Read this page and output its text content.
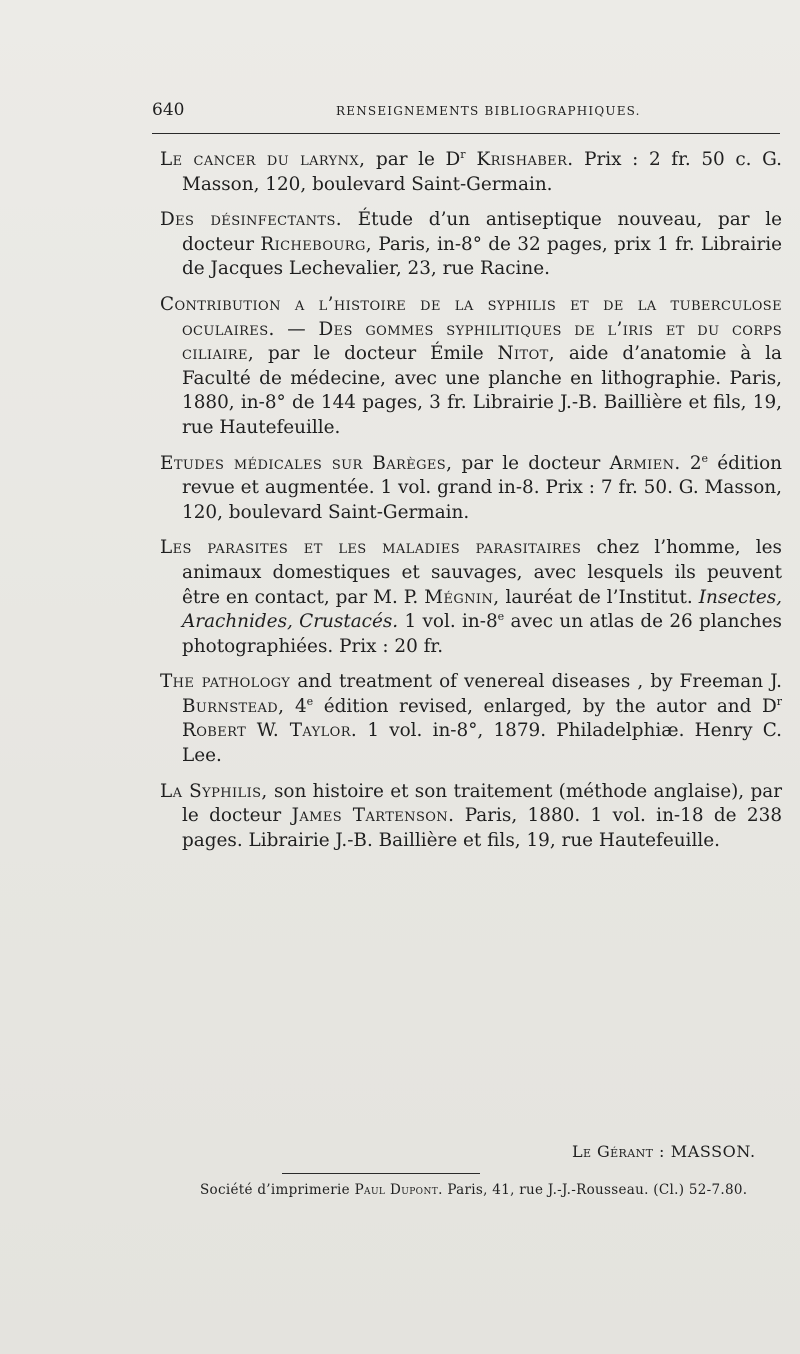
640	RENSEIGNEMENTS BIBLIOGRAPHIQUES.

Le cancer du larynx, par le $D^r$ Krishaber. Prix : 2 fr. 50 c. G. Masson, 120, boulevard Saint-Germain.

Des désinfectants. Étude d’un antiseptique nouveau, par le docteur Richebourg, Paris, in-8° de 32 pages, prix 1 fr. Librairie de Jacques Lechevalier, 23, rue Racine.

Contribution a l’histoire de la syphilis et de la tuberculose oculaires. — Des gommes syphilitiques de l’iris et du corps ciliaire, par le docteur Émile Nitot, aide d’anatomie à la Faculté de médecine, avec une planche en lithographie. Paris, 1880, in-8° de 144 pages, 3 fr. Librairie J.-B. Baillière et fils, 19, rue Hautefeuille.

Etudes médicales sur Barèges, par le docteur Armien. 2e édition revue et augmentée. 1 vol. grand in-8. Prix : 7 fr. 50. G. Masson, 120, boulevard Saint-Germain.

Les parasites et les maladies parasitaires chez l’homme, les animaux domestiques et sauvages, avec lesquels ils peuvent être en contact, par M. P. Mégnin, lauréat de l’Institut. Insectes, Arachnides, Crustacés. 1 vol. in-8e avec un atlas de 26 planches photographiées. Prix : 20 fr.

The pathology and treatment of venereal diseases , by Freeman J. Burnstead, 4e édition revised, enlarged, by the autor and $D^r$ Robert W. Taylor. 1 vol. in-8°, 1879. Philadelphiæ. Henry C. Lee.

La Syphilis, son histoire et son traitement (méthode anglaise), par le docteur James Tartenson. Paris, 1880. 1 vol. in-18 de 238 pages. Librairie J.-B. Baillière et fils, 19, rue Hautefeuille.

Le Gérant : MASSON.
Société d’imprimerie Paul Dupont. Paris, 41, rue J.-J.-Rousseau. (Cl.) 52-7.80.
